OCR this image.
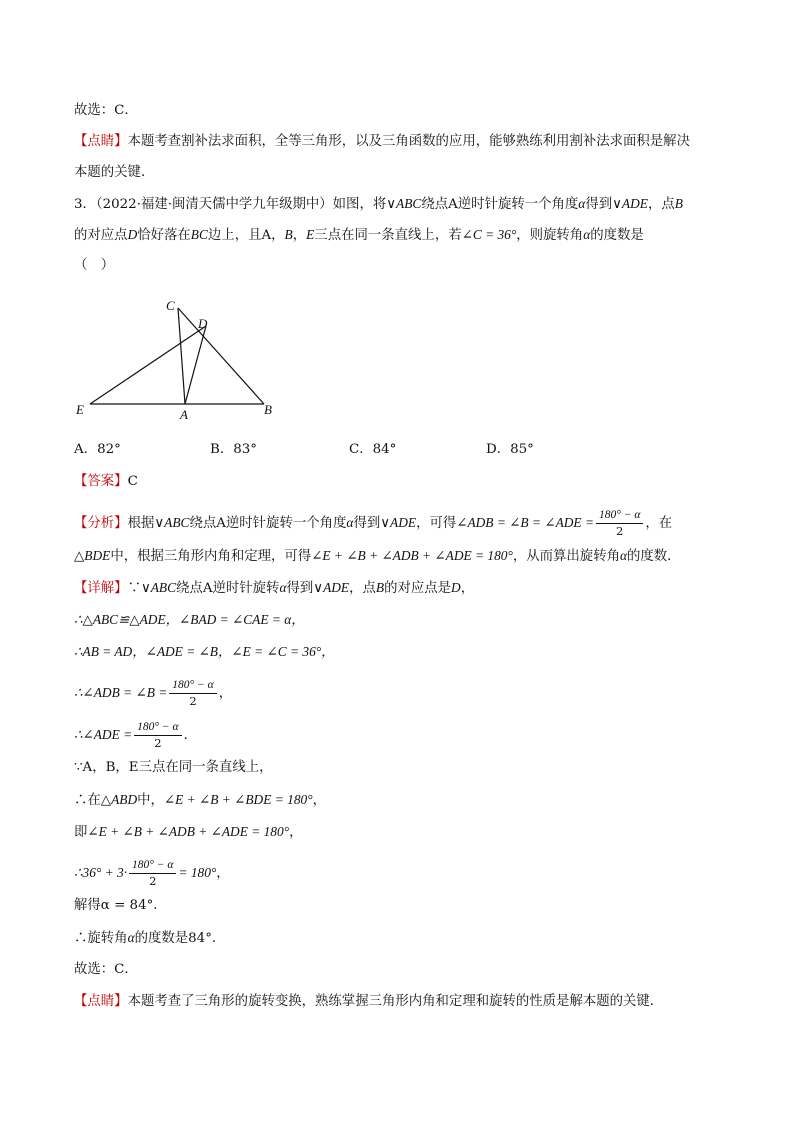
故选：C．
【点睛】本题考查割补法求面积，全等三角形，以及三角函数的应用，能够熟练利用割补法求面积是解决
本题的关键．
3．（2022·福建·闽清天儒中学九年级期中）如图，将∨ABC绕点A逆时针旋转一个角度α得到∨ADE，点B
的对应点D恰好落在BC边上，且A，B，E三点在同一条直线上，若∠C = 36°，则旋转角α的度数是
（　）
C
D
E	A	B
A．82°	B．83°	C．84°	D．85°
【答案】C
【分析】根据∨ABC绕点A逆时针旋转一个角度α得到∨ADE，可得∠ADB = ∠B = ∠ADE = $\frac{180^\circ - \alpha}{2}$ ，在
△BDE中，根据三角形内角和定理，可得∠E + ∠B + ∠ADB + ∠ADE = 180°，从而算出旋转角α的度数．
【详解】∵∨ABC绕点A逆时针旋转α得到∨ADE，点B的对应点是D，
∴△ABC≌△ADE，∠BAD = ∠CAE = α，
∴AB = AD，∠ADE = ∠B，∠E = ∠C = 36°，
∴∠ADB = ∠B = $\frac{180^\circ - \alpha}{2}$ ，
∴∠ADE = $\frac{180^\circ - \alpha}{2}$ ．
∵A，B，E三点在同一条直线上，
∴在△ABD中，∠E + ∠B + ∠BDE = 180°，
即∠E + ∠B + ∠ADB + ∠ADE = 180°，
∴36° + $3\cdot \frac{180^\circ - \alpha}{2} = 180^\circ$，
解得α = 84°．
∴旋转角α的度数是84°．
故选：C．
【点睛】本题考查了三角形的旋转变换，熟练掌握三角形内角和定理和旋转的性质是解本题的关键．
